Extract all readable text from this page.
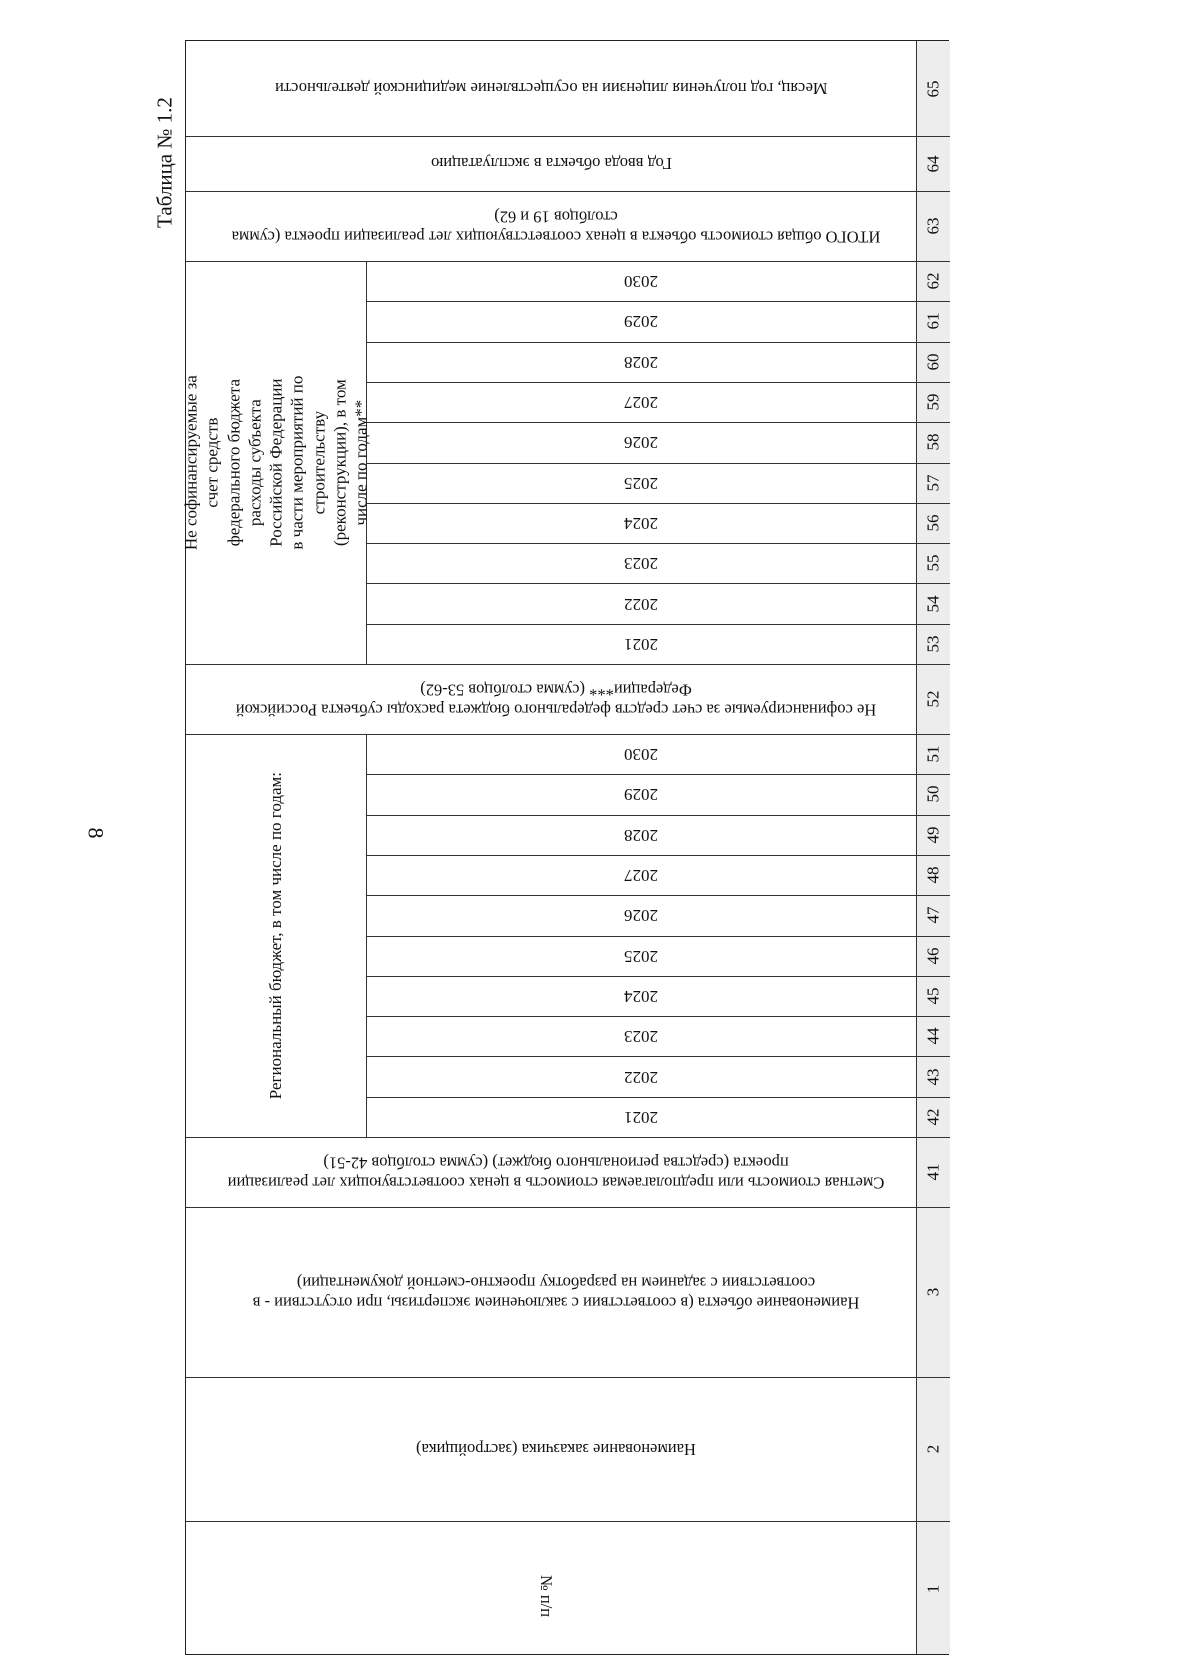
8
Таблица № 1.2
Месяц, год получения лицензии на осуществление медицинской деятельности
Год ввода объекта в эксплуатацию
ИТОГО общая стоимость объекта в ценах соответствующих лет реализации проекта (сумма столбцов 19 и 62)
Не софинансируемые за счет средств федерального бюджета расходы субъекта Российской Федерации*** (сумма столбцов 53-62)
Сметная стоимость или предполагаемая стоимость в ценах соответствующих лет реализации проекта (средства регионального бюджет) (сумма столбцов 42-51)
Наименование объекта (в соответствии с заключением экспертизы, при отсутствии - в соответствии с заданием на разработку проектно-сметной документации)
Наименование заказчика (застройщика)
№ п/п
Не софинансируемые за счет средств федерального бюджета расходы субъекта Российской Федерации в части мероприятий по строительству (реконструкции), в том числе по годам**
Региональный бюджет, в том числе по годам:
2030
2029
2028
2027
2026
2025
2024
2023
2022
2021
2030
2029
2028
2027
2026
2025
2024
2023
2022
2021
65
64
63
62
61
60
59
58
57
56
55
54
53
52
51
50
49
48
47
46
45
44
43
42
41
3
2
1
